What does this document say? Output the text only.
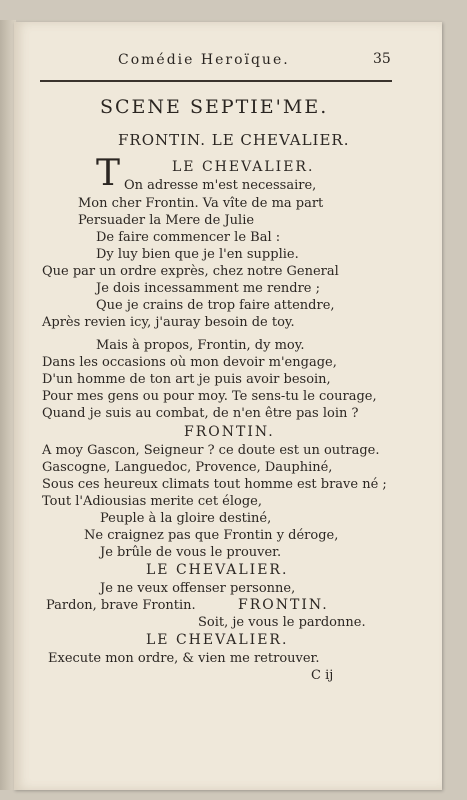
Comédie Heroïque.	35
SCENE SEPTIE'ME.
FRONTIN. LE CHEVALIER.
T	LE CHEVALIER.
On adresse m'est necessaire,
Mon cher Frontin. Va vîte de ma part
Persuader la Mere de Julie
De faire commencer le Bal :
Dy luy bien que je l'en supplie.
Que par un ordre exprès, chez notre General
Je dois incessamment me rendre ;
Que je crains de trop faire attendre,
Après revien icy, j'auray besoin de toy.
Mais à propos, Frontin, dy moy.
Dans les occasions où mon devoir m'engage,
D'un homme de ton art je puis avoir besoin,
Pour mes gens ou pour moy. Te sens-tu le courage,
Quand je suis au combat, de n'en être pas loin ?
FRONTIN.
A moy Gascon, Seigneur ? ce doute est un outrage.
Gascogne, Languedoc, Provence, Dauphiné,
Sous ces heureux climats tout homme est brave né ;
Tout l'Adiousias merite cet éloge,
Peuple à la gloire destiné,
Ne craignez pas que Frontin y déroge,
Je brûle de vous le prouver.
LE CHEVALIER.
Je ne veux offenser personne,
Pardon, brave Frontin.	FRONTIN.
Soit, je vous le pardonne.
LE CHEVALIER.
Execute mon ordre, & vien me retrouver.
C ij
